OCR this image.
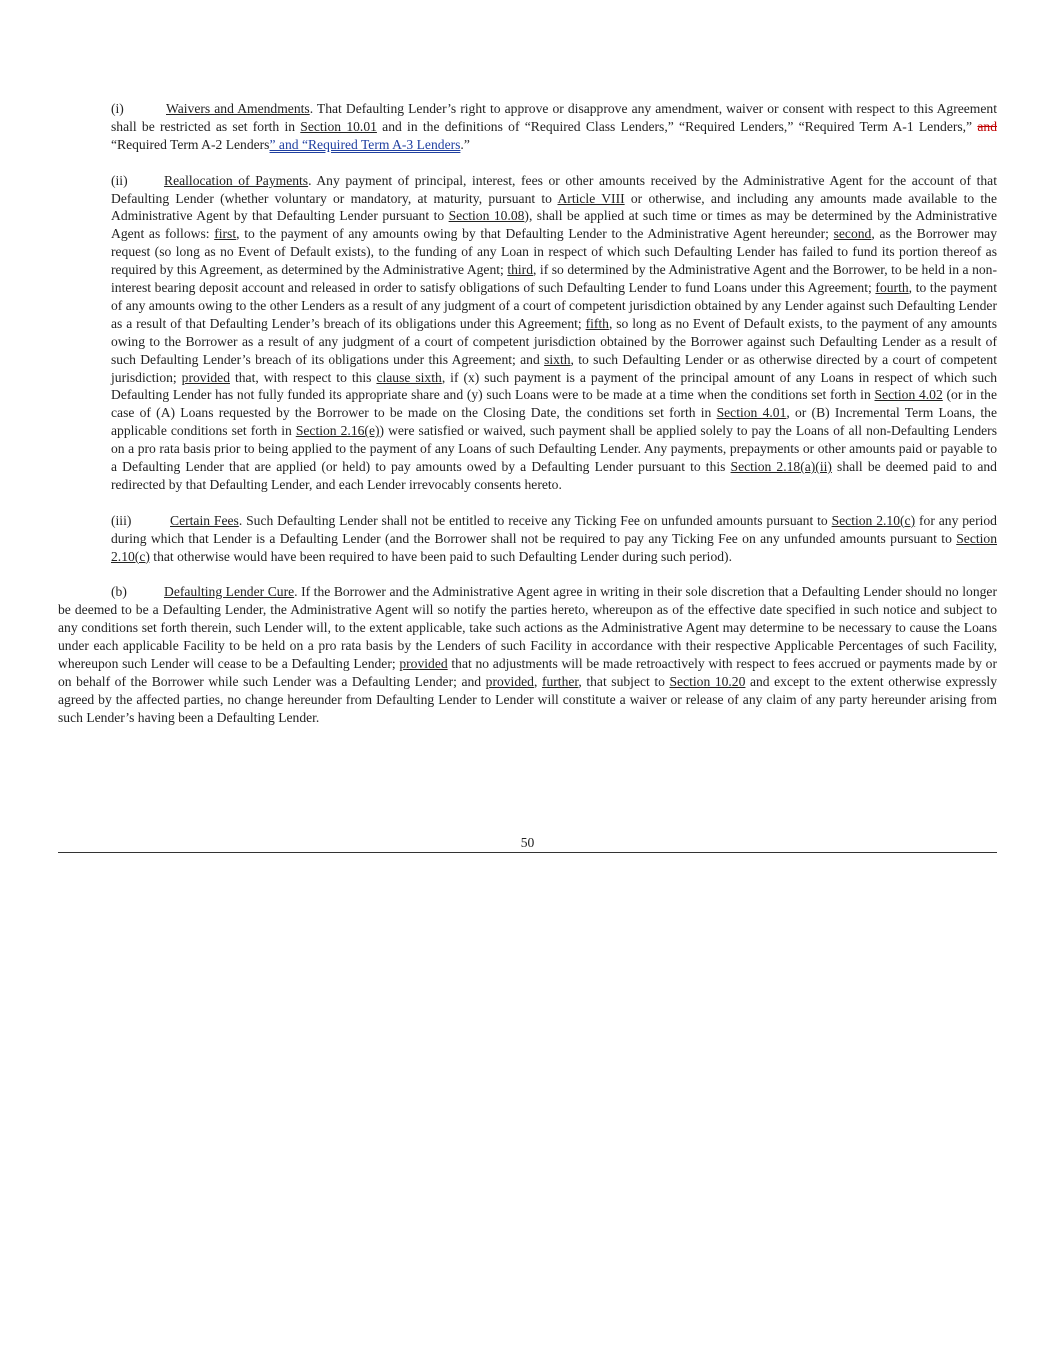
(i)	Waivers and Amendments. That Defaulting Lender’s right to approve or disapprove any amendment, waiver or consent with respect to this Agreement shall be restricted as set forth in Section 10.01 and in the definitions of “Required Class Lenders,” “Required Lenders,” “Required Term A-1 Lenders,” and “Required Term A-2 Lenders” and “Required Term A-3 Lenders.”

(ii)	Reallocation of Payments. Any payment of principal, interest, fees or other amounts received by the Administrative Agent for the account of that Defaulting Lender (whether voluntary or mandatory, at maturity, pursuant to Article VIII or otherwise, and including any amounts made available to the Administrative Agent by that Defaulting Lender pursuant to Section 10.08), shall be applied at such time or times as may be determined by the Administrative Agent as follows: first, to the payment of any amounts owing by that Defaulting Lender to the Administrative Agent hereunder; second, as the Borrower may request (so long as no Event of Default exists), to the funding of any Loan in respect of which such Defaulting Lender has failed to fund its portion thereof as required by this Agreement, as determined by the Administrative Agent; third, if so determined by the Administrative Agent and the Borrower, to be held in a non-interest bearing deposit account and released in order to satisfy obligations of such Defaulting Lender to fund Loans under this Agreement; fourth, to the payment of any amounts owing to the other Lenders as a result of any judgment of a court of competent jurisdiction obtained by any Lender against such Defaulting Lender as a result of that Defaulting Lender’s breach of its obligations under this Agreement; fifth, so long as no Event of Default exists, to the payment of any amounts owing to the Borrower as a result of any judgment of a court of competent jurisdiction obtained by the Borrower against such Defaulting Lender as a result of such Defaulting Lender’s breach of its obligations under this Agreement; and sixth, to such Defaulting Lender or as otherwise directed by a court of competent jurisdiction; provided that, with respect to this clause sixth, if (x) such payment is a payment of the principal amount of any Loans in respect of which such Defaulting Lender has not fully funded its appropriate share and (y) such Loans were to be made at a time when the conditions set forth in Section 4.02 (or in the case of (A) Loans requested by the Borrower to be made on the Closing Date, the conditions set forth in Section 4.01, or (B) Incremental Term Loans, the applicable conditions set forth in Section 2.16(e)) were satisfied or waived, such payment shall be applied solely to pay the Loans of all non-Defaulting Lenders on a pro rata basis prior to being applied to the payment of any Loans of such Defaulting Lender. Any payments, prepayments or other amounts paid or payable to a Defaulting Lender that are applied (or held) to pay amounts owed by a Defaulting Lender pursuant to this Section 2.18(a)(ii) shall be deemed paid to and redirected by that Defaulting Lender, and each Lender irrevocably consents hereto.

(iii)	Certain Fees. Such Defaulting Lender shall not be entitled to receive any Ticking Fee on unfunded amounts pursuant to Section 2.10(c) for any period during which that Lender is a Defaulting Lender (and the Borrower shall not be required to pay any Ticking Fee on any unfunded amounts pursuant to Section 2.10(c) that otherwise would have been required to have been paid to such Defaulting Lender during such period).

(b)	Defaulting Lender Cure. If the Borrower and the Administrative Agent agree in writing in their sole discretion that a Defaulting Lender should no longer be deemed to be a Defaulting Lender, the Administrative Agent will so notify the parties hereto, whereupon as of the effective date specified in such notice and subject to any conditions set forth therein, such Lender will, to the extent applicable, take such actions as the Administrative Agent may determine to be necessary to cause the Loans under each applicable Facility to be held on a pro rata basis by the Lenders of such Facility in accordance with their respective Applicable Percentages of such Facility, whereupon such Lender will cease to be a Defaulting Lender; provided that no adjustments will be made retroactively with respect to fees accrued or payments made by or on behalf of the Borrower while such Lender was a Defaulting Lender; and provided, further, that subject to Section 10.20 and except to the extent otherwise expressly agreed by the affected parties, no change hereunder from Defaulting Lender to Lender will constitute a waiver or release of any claim of any party hereunder arising from such Lender’s having been a Defaulting Lender.

50
